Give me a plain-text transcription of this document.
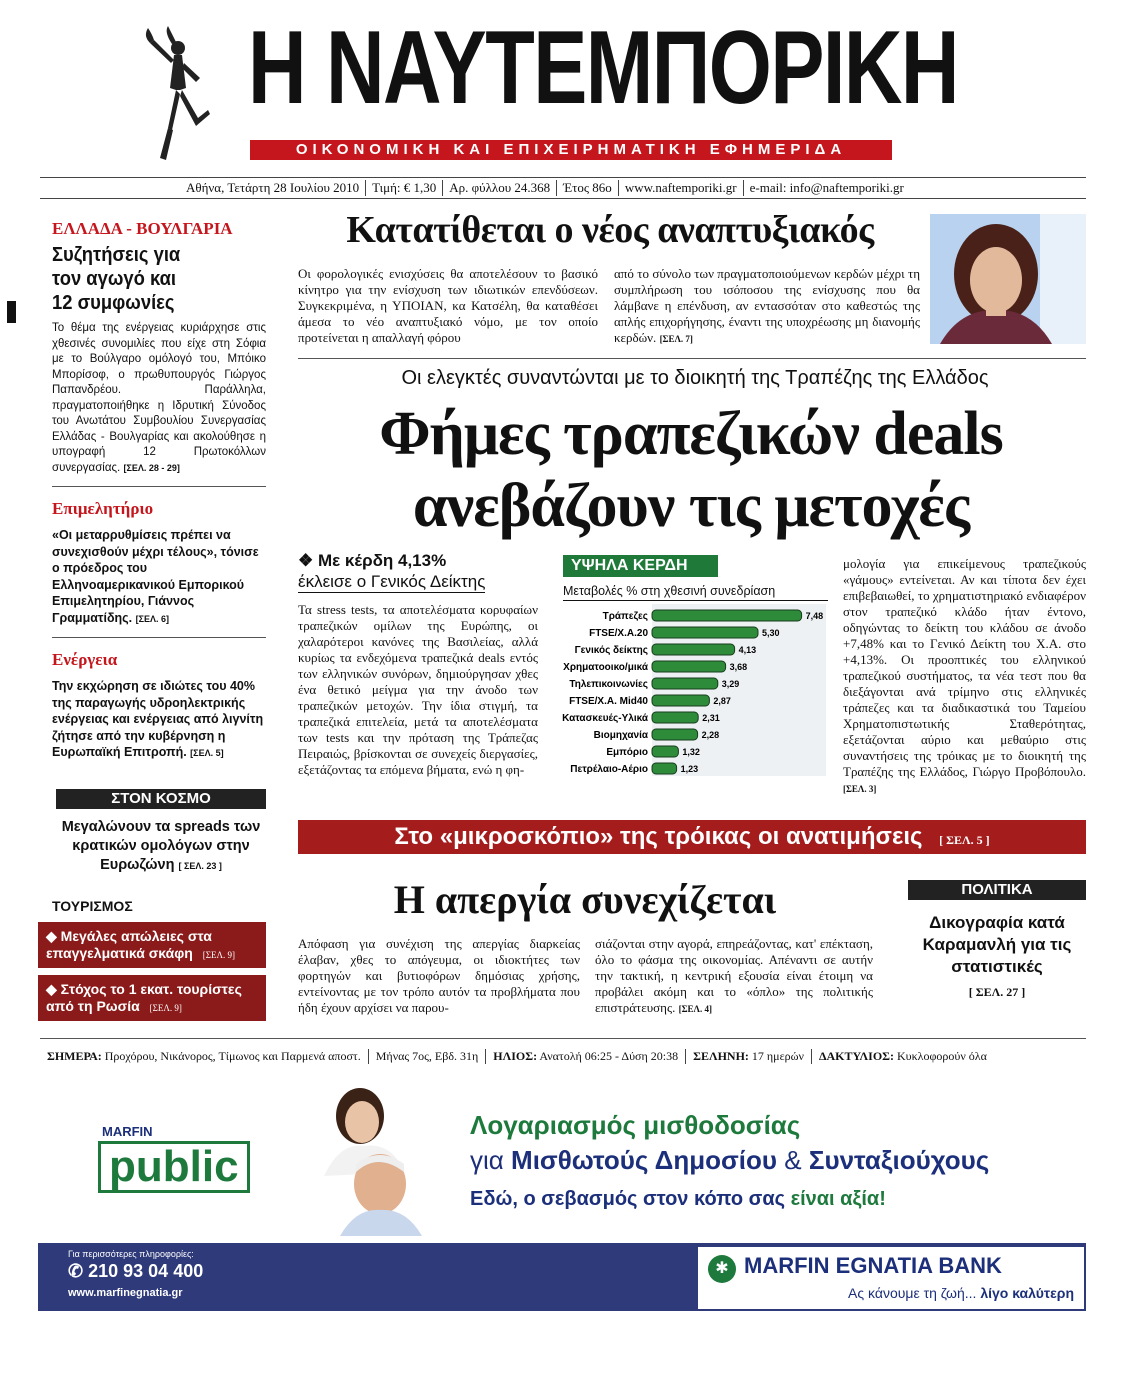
Η ΝΑΥΤΕΜΠΟΡΙΚΗ
ΟΙΚΟΝΟΜΙΚΗ ΚΑΙ ΕΠΙΧΕΙΡΗΜΑΤΙΚΗ ΕΦΗΜΕΡΙΔΑ
Αθήνα, Τετάρτη 28 Ιουλίου 2010	Τιμή: € 1,30	Αρ. φύλλου 24.368	Έτος 86ο	www.naftemporiki.gr	e-mail: info@naftemporiki.gr
ΕΛΛΑΔΑ - ΒΟΥΛΓΑΡΙΑ
Συζητήσεις για τον αγωγό και 12 συμφωνίες
Το θέμα της ενέργειας κυριάρχησε στις χθεσινές συνομιλίες που είχε στη Σόφια με το Βούλγαρο ομόλογό του, Μπόικο Μπορίσοφ, ο πρωθυπουργός Γιώργος Παπανδρέου. Παράλληλα, πραγματοποιήθηκε η Ιδρυτική Σύνοδος του Ανωτάτου Συμβουλίου Συνεργασίας Ελλάδας - Βουλγαρίας και ακολούθησε η υπογραφή 12 Πρωτοκόλλων συνεργασίας. [ΣΕΛ. 28 - 29]
Επιμελητήριο
«Οι μεταρρυθμίσεις πρέπει να συνεχισθούν μέχρι τέλους», τόνισε ο πρόεδρος του Ελληνοαμερικανικού Εμπορικού Επιμελητηρίου, Γιάννος Γραμματίδης. [ΣΕΛ. 6]
Ενέργεια
Την εκχώρηση σε ιδιώτες του 40% της παραγωγής υδροηλεκτρικής ενέργειας και ενέργειας από λιγνίτη ζήτησε από την κυβέρνηση η Ευρωπαϊκή Επιτροπή. [ΣΕΛ. 5]
ΣΤΟΝ ΚΟΣΜΟ
Μεγαλώνουν τα spreads των κρατικών ομολόγων στην Ευρωζώνη [ ΣΕΛ. 23 ]
ΤΟΥΡΙΣΜΟΣ
◆ Μεγάλες απώλειες στα επαγγελματικά σκάφη [ΣΕΛ. 9]
◆ Στόχος το 1 εκατ. τουρίστες από τη Ρωσία [ΣΕΛ. 9]
Κατατίθεται ο νέος αναπτυξιακός
Οι φορολογικές ενισχύσεις θα αποτελέσουν το βασικό κίνητρο για την ενίσχυση των ιδιωτικών επενδύσεων. Συγκεκριμένα, η ΥΠΟΙΑΝ, κα Κατσέλη, θα καταθέσει άμεσα το νέο αναπτυξιακό νόμο, με τον οποίο προτείνεται η απαλλαγή φόρου
από το σύνολο των πραγματοποιούμενων κερδών μέχρι τη συμπλήρωση του ισόποσου της ενίσχυσης που θα λάμβανε η επένδυση, αν εντασσόταν στο καθεστώς της απλής επιχορήγησης, έναντι της υποχρέωσης μη διανομής κερδών. [ΣΕΛ. 7]
Οι ελεγκτές συναντώνται με το διοικητή της Τραπέζης της Ελλάδος
Φήμες τραπεζικών deals
ανεβάζουν τις μετοχές
❖ Με κέρδη 4,13%
έκλεισε ο Γενικός Δείκτης
Τα stress tests, τα αποτελέσματα κορυφαίων τραπεζικών ομίλων της Ευρώπης, οι χαλαρότεροι κανόνες της Βασιλείας, αλλά κυρίως τα ενδεχόμενα τραπεζικά deals εντός των ελληνικών συνόρων, δημιούργησαν χθες ένα θετικό μείγμα για την άνοδο των τραπεζικών μετοχών. Την ίδια στιγμή, τα τραπεζικά επιτελεία, μετά τα αποτελέσματα των tests και την πρόταση της Τράπεζας Πειραιώς, βρίσκονται σε συνεχείς διεργασίες, εξετάζοντας τα επόμενα βήματα, ενώ η φη-
μολογία για επικείμενους τραπεζικούς «γάμους» εντείνεται. Αν και τίποτα δεν έχει επιβεβαιωθεί, το χρηματιστηριακό ενδιαφέρον στον τραπεζικό κλάδο ήταν έντονο, οδηγώντας το δείκτη του κλάδου σε άνοδο +7,48% και το Γενικό Δείκτη του Χ.Α. στο +4,13%. Οι προοπτικές του ελληνικού τραπεζικού συστήματος, τα νέα τεστ που θα διεξάγονται ανά τρίμηνο στις ελληνικές τράπεζες και τα διαδικαστικά του Ταμείου Χρηματοπιστωτικής Σταθερότητας, εξετάζονται αύριο και μεθαύριο στις συναντήσεις της τρόικας με το διοικητή της Τραπέζης της Ελλάδος, Γιώργο Προβόπουλο. [ΣΕΛ. 3]
ΥΨΗΛΑ ΚΕΡΔΗ
Μεταβολές % στη χθεσινή συνεδρίαση
Τράπεζες	7,48
FTSE/X.A.20	5,30
Γενικός δείκτης	4,13
Χρηματοοικο/μικά	3,68
Τηλεπικοινωνίες	3,29
FTSE/X.A. Mid40	2,87
Κατασκευές-Υλικά	2,31
Βιομηχανία	2,28
Εμπόριο	1,32
Πετρέλαιο-Αέριο	1,23
Στο «μικροσκόπιο» της τρόικας οι ανατιμήσεις [ ΣΕΛ. 5 ]
Η απεργία συνεχίζεται
Απόφαση για συνέχιση της απεργίας διαρκείας έλαβαν, χθες το απόγευμα, οι ιδιοκτήτες των φορτηγών και βυτιοφόρων δημόσιας χρήσης, εντείνοντας με τον τρόπο αυτόν τα προβλήματα που ήδη έχουν αρχίσει να παρου-
σιάζονται στην αγορά, επηρεάζοντας, κατ' επέκταση, όλο το φάσμα της οικονομίας. Απέναντι σε αυτήν την τακτική, η κεντρική εξουσία είναι έτοιμη να προβάλει ακόμη και το «όπλο» της πολιτικής επιστράτευσης. [ΣΕΛ. 4]
ΠΟΛΙΤΙΚΑ
Δικογραφία κατά Καραμανλή για τις στατιστικές
[ ΣΕΛ. 27 ]
ΣΗΜΕΡΑ: Προχόρου, Νικάνορος, Τίμωνος και Παρμενά αποστ.	Μήνας 7ος, Εβδ. 31η	ΗΛΙΟΣ: Ανατολή 06:25 - Δύση 20:38	ΣΕΛΗΝΗ: 17 ημερών	ΔΑΚΤΥΛΙΟΣ: Κυκλοφορούν όλα
MARFIN
public
Λογαριασμός μισθοδοσίας
για Μισθωτούς Δημοσίου & Συνταξιούχους
Εδώ, ο σεβασμός στον κόπο σας είναι αξία!
Για περισσότερες πληροφορίες:
✆ 210 93 04 400
www.marfinegnatia.gr
✱ MARFIN EGNATIA BANK
Ας κάνουμε τη ζωή... λίγο καλύτερη
